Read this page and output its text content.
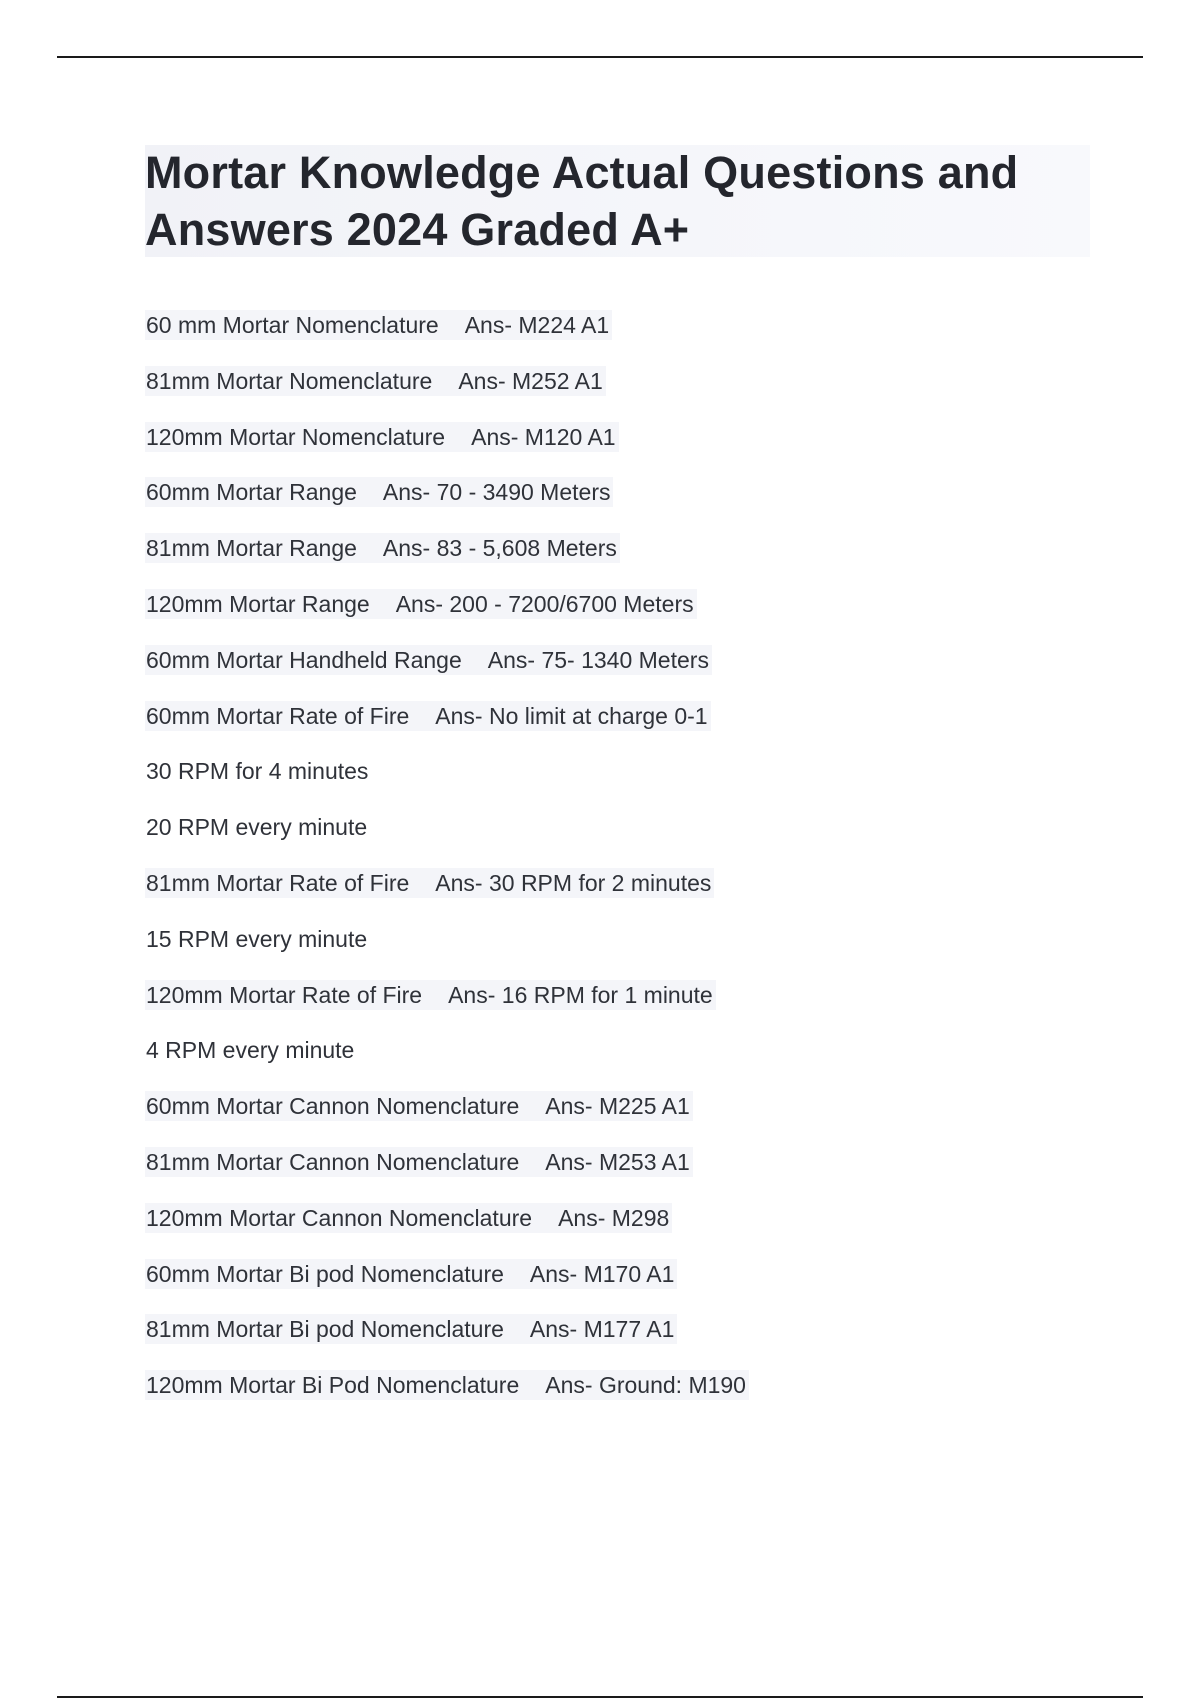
Mortar Knowledge Actual Questions and Answers 2024 Graded A+
60 mm Mortar Nomenclature Ans- M224 A1
81mm Mortar Nomenclature Ans- M252 A1
120mm Mortar Nomenclature Ans- M120 A1
60mm Mortar Range Ans- 70 - 3490 Meters
81mm Mortar Range Ans- 83 - 5,608 Meters
120mm Mortar Range Ans- 200 - 7200/6700 Meters
60mm Mortar Handheld Range Ans- 75- 1340 Meters
60mm Mortar Rate of Fire Ans- No limit at charge 0-1
30 RPM for 4 minutes
20 RPM every minute
81mm Mortar Rate of Fire Ans- 30 RPM for 2 minutes
15 RPM every minute
120mm Mortar Rate of Fire Ans- 16 RPM for 1 minute
4 RPM every minute
60mm Mortar Cannon Nomenclature Ans- M225 A1
81mm Mortar Cannon Nomenclature Ans- M253 A1
120mm Mortar Cannon Nomenclature Ans- M298
60mm Mortar Bi pod Nomenclature Ans- M170 A1
81mm Mortar Bi pod Nomenclature Ans- M177 A1
120mm Mortar Bi Pod Nomenclature Ans- Ground: M190
